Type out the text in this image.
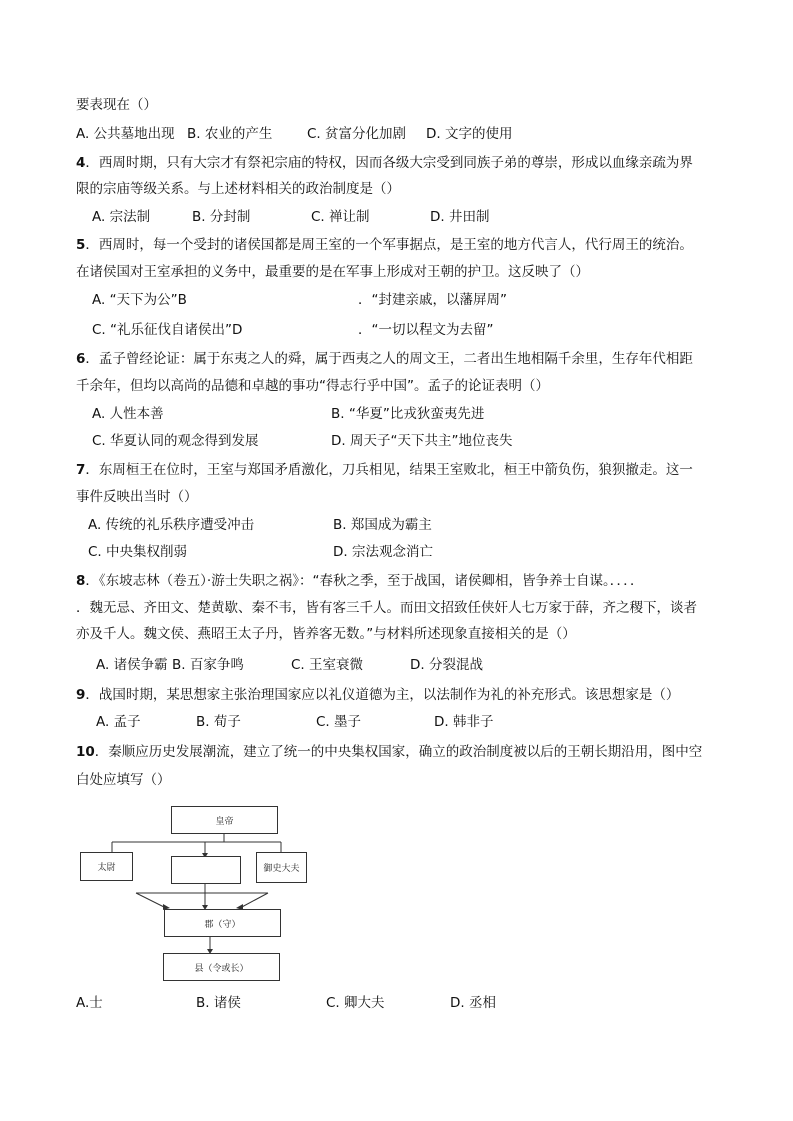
要表现在（）
A. 公共墓地出现 B. 农业的产生	C. 贫富分化加剧 D. 文字的使用
4．西周时期，只有大宗才有祭祀宗庙的特权，因而各级大宗受到同族子弟的尊崇，形成以血缘亲疏为界
限的宗庙等级关系。与上述材料相关的政治制度是（）
A. 宗法制	B. 分封制	C. 禅让制	D. 井田制
5．西周时，每一个受封的诸侯国都是周王室的一个军事据点，是王室的地方代言人，代行周王的统治。
在诸侯国对王室承担的义务中，最重要的是在军事上形成对王朝的护卫。这反映了（）
A. “天下为公”B	．“封建亲戚，以藩屏周”
C. “礼乐征伐自诸侯出”D	．“一切以程文为去留”
6．孟子曾经论证：属于东夷之人的舜，属于西夷之人的周文王，二者出生地相隔千余里，生存年代相距
千余年，但均以高尚的品德和卓越的事功“得志行乎中国”。孟子的论证表明（）
A. 人性本善	B. “华夏”比戎狄蛮夷先进
C. 华夏认同的观念得到发展	D. 周天子“天下共主”地位丧失
7．东周桓王在位时，王室与郑国矛盾激化，刀兵相见，结果王室败北，桓王中箭负伤，狼狈撤走。这一
事件反映出当时（）
A. 传统的礼乐秩序遭受冲击	B. 郑国成为霸主
C. 中央集权削弱	D. 宗法观念消亡
8．《东坡志林（卷五）·游士失职之祸》：“春秋之季，至于战国，诸侯卿相，皆争养士自谋。．．．．
．魏无忌、齐田文、楚黄歇、秦不韦，皆有客三千人。而田文招致任侠奸人七万家于薛，齐之稷下，谈者
亦及千人。魏文侯、燕昭王太子丹，皆养客无数。”与材料所述现象直接相关的是（）
A. 诸侯争霸 B. 百家争鸣	C. 王室衰微	D. 分裂混战
9．战国时期，某思想家主张治理国家应以礼仪道德为主，以法制作为礼的补充形式。该思想家是（）
A. 孟子	B. 荀子	C. 墨子	D. 韩非子
10．秦顺应历史发展潮流，建立了统一的中央集权国家，确立的政治制度被以后的王朝长期沿用，图中空
白处应填写（）
皇帝
太尉	御史大夫
郡（守）
县（令或长）
A.士	B. 诸侯	C. 卿大夫	D. 丞相
